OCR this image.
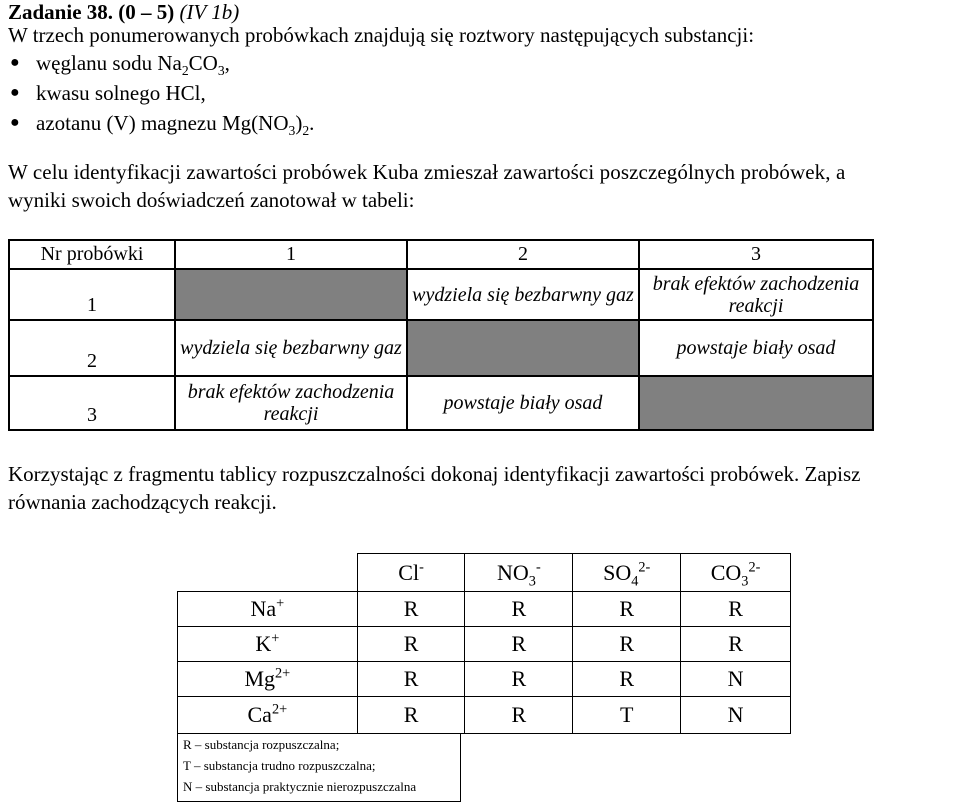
Zadanie 38. (0 – 5) (IV 1b)
W trzech ponumerowanych probówkach znajdują się roztwory następujących substancji:
● węglanu sodu $Na_2CO_3$,
● kwasu solnego HCl,
● azotanu (V) magnezu $Mg(NO_3)_2$.
W celu identyfikacji zawartości probówek Kuba zmieszał zawartości poszczególnych probówek, a
wyniki swoich doświadczeń zanotował w tabeli:
Nr probówki	1	2	3
1		wydziela się bezbarwny gaz	brak efektów zachodzenia reakcji
2	wydziela się bezbarwny gaz		powstaje biały osad
3	brak efektów zachodzenia reakcji	powstaje biały osad	
Korzystając z fragmentu tablicy rozpuszczalności dokonaj identyfikacji zawartości probówek. Zapisz
równania zachodzących reakcji.
	Cl-	$NO_3^-$	$SO_4^{2-}$	$CO_3^{2-}$
Na+	R	R	R	R
K+	R	R	R	R
$Mg^{2+}$	R	R	R	N
$Ca^{2+}$	R	R	T	N
R – substancja rozpuszczalna;
T – substancja trudno rozpuszczalna;
N – substancja praktycznie nierozpuszczalna
